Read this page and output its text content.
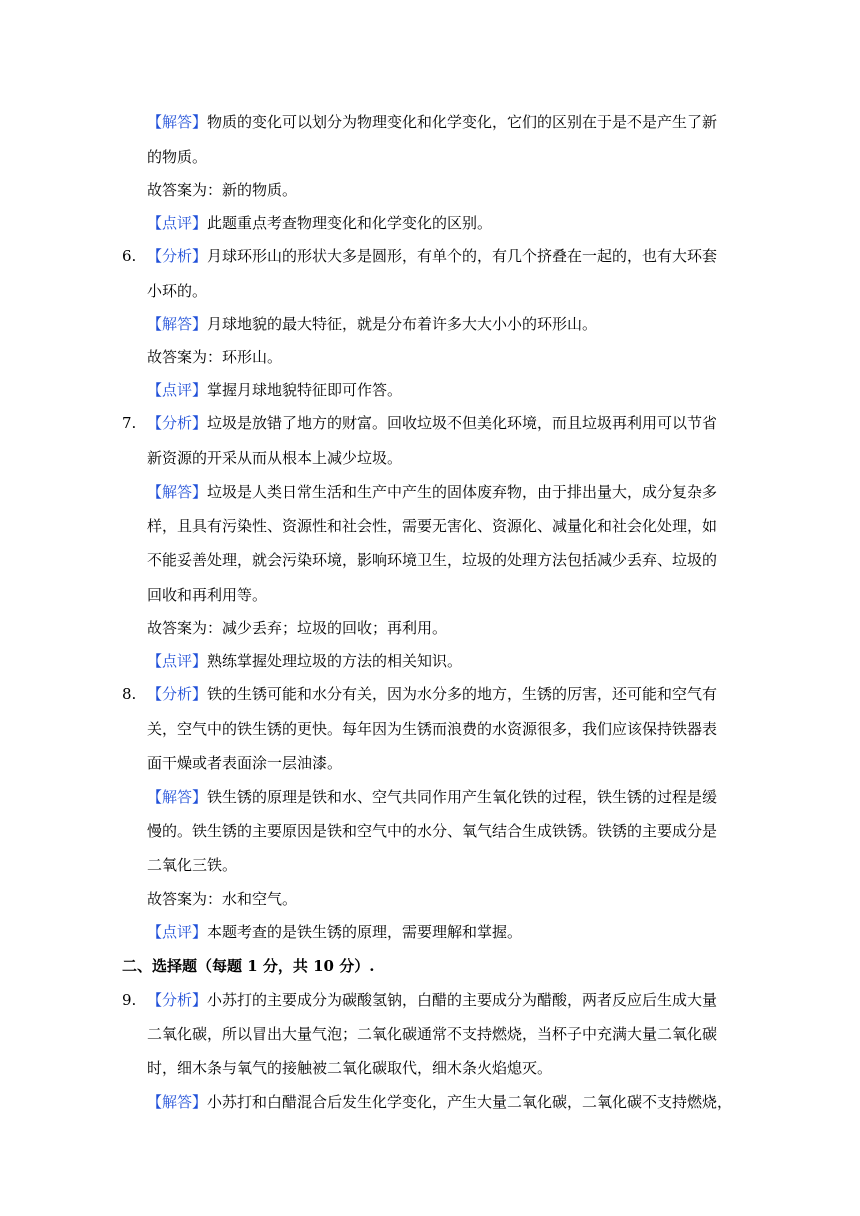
【解答】物质的变化可以划分为物理变化和化学变化，它们的区别在于是不是产生了新
的物质。
故答案为：新的物质。
【点评】此题重点考查物理变化和化学变化的区别。
6. 【分析】月球环形山的形状大多是圆形，有单个的，有几个挤叠在一起的，也有大环套
小环的。
【解答】月球地貌的最大特征，就是分布着许多大大小小的环形山。
故答案为：环形山。
【点评】掌握月球地貌特征即可作答。
7. 【分析】垃圾是放错了地方的财富。回收垃圾不但美化环境，而且垃圾再利用可以节省
新资源的开采从而从根本上减少垃圾。
【解答】垃圾是人类日常生活和生产中产生的固体废弃物，由于排出量大，成分复杂多
样，且具有污染性、资源性和社会性，需要无害化、资源化、减量化和社会化处理，如
不能妥善处理，就会污染环境，影响环境卫生，垃圾的处理方法包括减少丢弃、垃圾的
回收和再利用等。
故答案为：减少丢弃；垃圾的回收；再利用。
【点评】熟练掌握处理垃圾的方法的相关知识。
8. 【分析】铁的生锈可能和水分有关，因为水分多的地方，生锈的厉害，还可能和空气有
关，空气中的铁生锈的更快。每年因为生锈而浪费的水资源很多，我们应该保持铁器表
面干燥或者表面涂一层油漆。
【解答】铁生锈的原理是铁和水、空气共同作用产生氧化铁的过程，铁生锈的过程是缓
慢的。铁生锈的主要原因是铁和空气中的水分、氧气结合生成铁锈。铁锈的主要成分是
二氧化三铁。
故答案为：水和空气。
【点评】本题考查的是铁生锈的原理，需要理解和掌握。
二、选择题（每题 1 分，共 10 分）.
9. 【分析】小苏打的主要成分为碳酸氢钠，白醋的主要成分为醋酸，两者反应后生成大量
二氧化碳，所以冒出大量气泡；二氧化碳通常不支持燃烧，当杯子中充满大量二氧化碳
时，细木条与氧气的接触被二氧化碳取代，细木条火焰熄灭。
【解答】小苏打和白醋混合后发生化学变化，产生大量二氧化碳，二氧化碳不支持燃烧，
